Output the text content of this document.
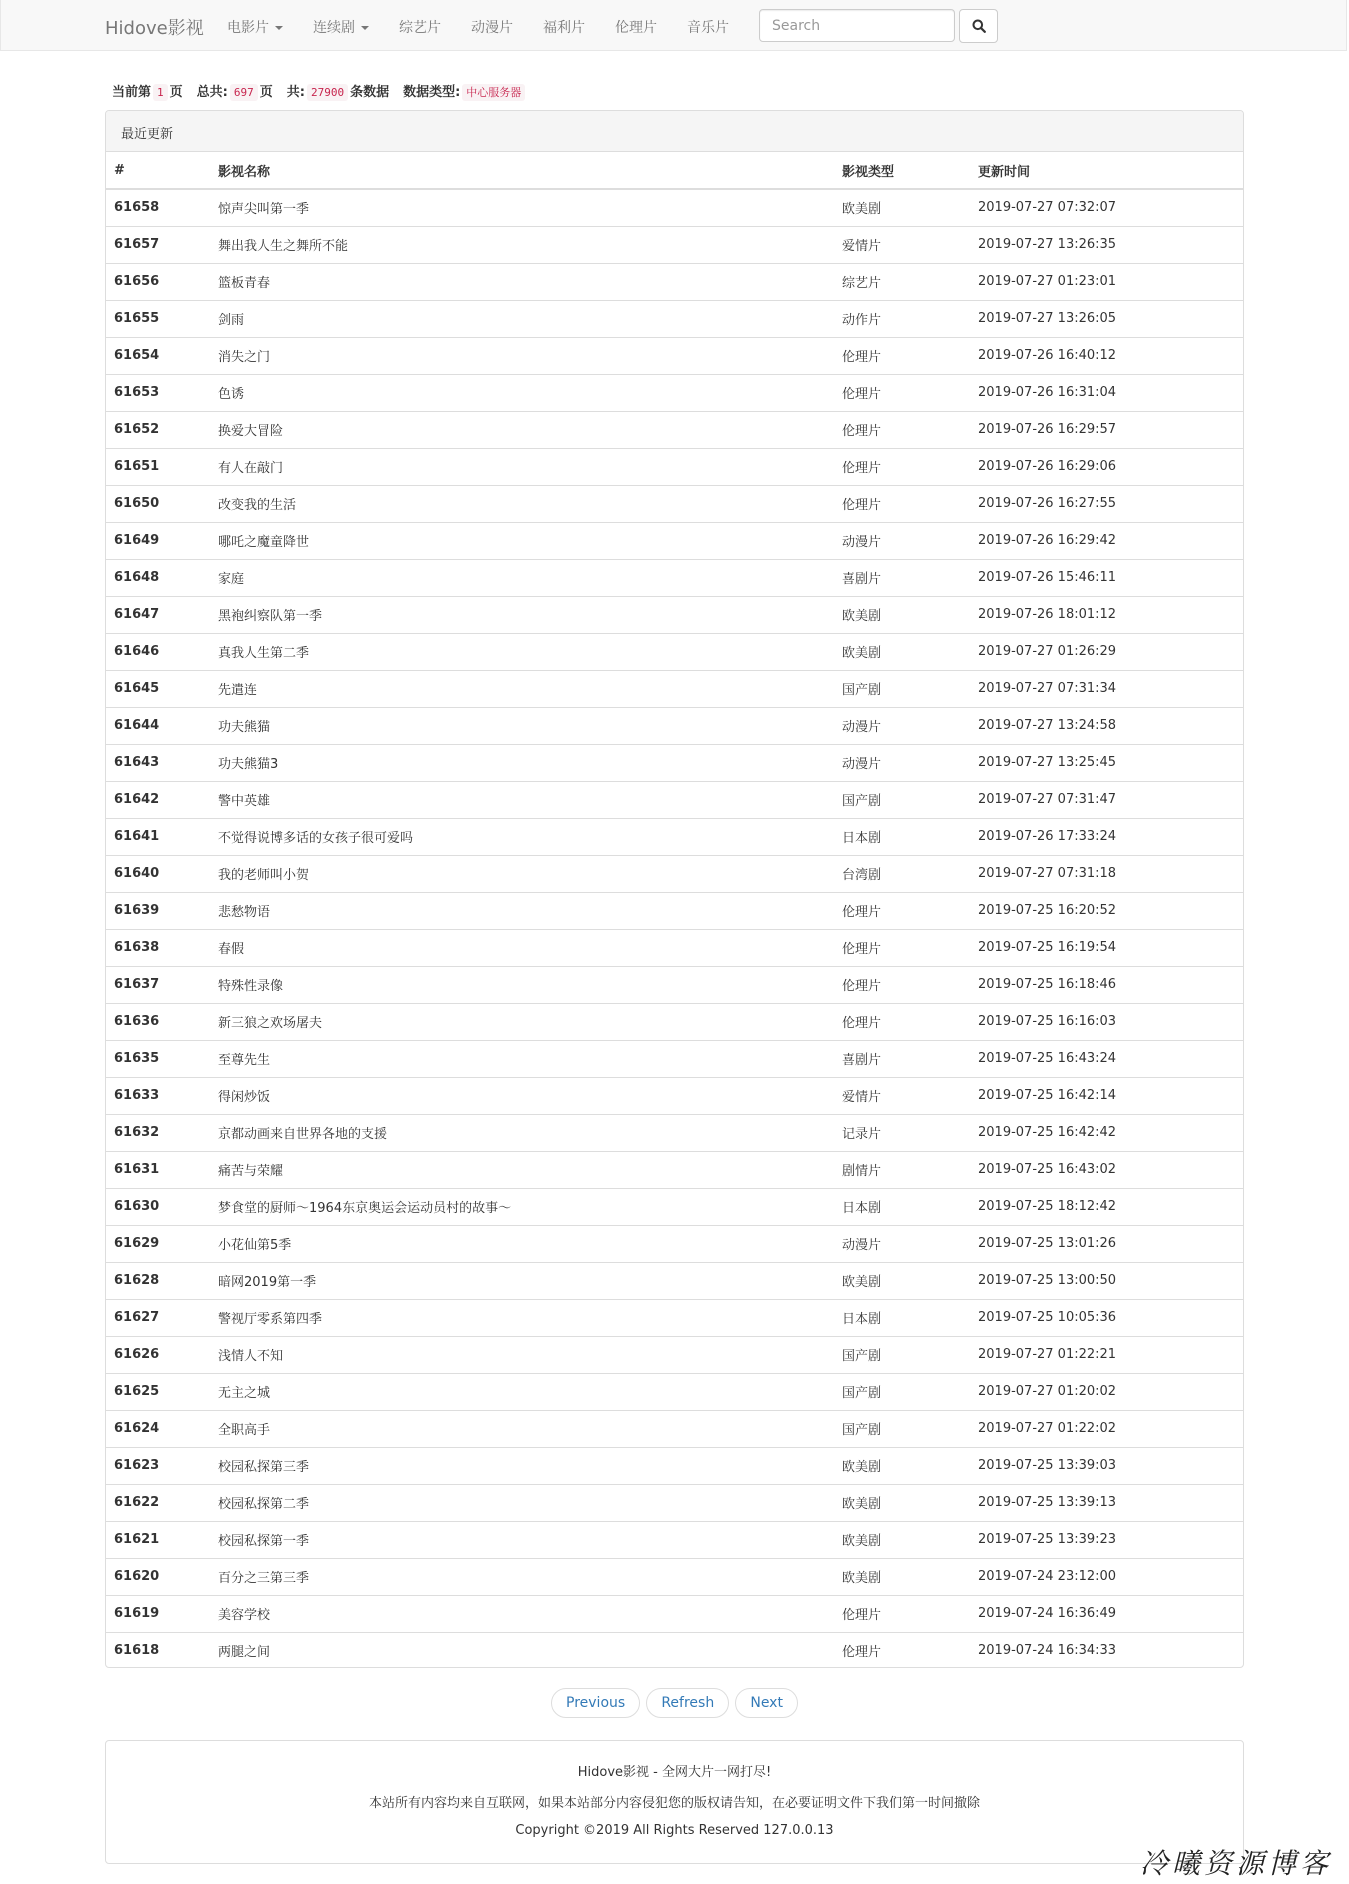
Hidove影视 电影片	连续剧	综艺片 动漫片 福利片 伦理片 音乐片
Search
当前第 1 页 总共: 697 页 共: 27900 条数据 数据类型: 中心服务器
最近更新
#	影视名称	影视类型	更新时间
61658	惊声尖叫第一季	欧美剧	2019-07-27 07:32:07
61657	舞出我人生之舞所不能	爱情片	2019-07-27 13:26:35
61656	篮板青春	综艺片	2019-07-27 01:23:01
61655	剑雨	动作片	2019-07-27 13:26:05
61654	消失之门	伦理片	2019-07-26 16:40:12
61653	色诱	伦理片	2019-07-26 16:31:04
61652	换爱大冒险	伦理片	2019-07-26 16:29:57
61651	有人在敲门	伦理片	2019-07-26 16:29:06
61650	改变我的生活	伦理片	2019-07-26 16:27:55
61649	哪吒之魔童降世	动漫片	2019-07-26 16:29:42
61648	家庭	喜剧片	2019-07-26 15:46:11
61647	黑袍纠察队第一季	欧美剧	2019-07-26 18:01:12
61646	真我人生第二季	欧美剧	2019-07-27 01:26:29
61645	先遣连	国产剧	2019-07-27 07:31:34
61644	功夫熊猫	动漫片	2019-07-27 13:24:58
61643	功夫熊猫3	动漫片	2019-07-27 13:25:45
61642	警中英雄	国产剧	2019-07-27 07:31:47
61641	不觉得说博多话的女孩子很可爱吗	日本剧	2019-07-26 17:33:24
61640	我的老师叫小贺	台湾剧	2019-07-27 07:31:18
61639	悲愁物语	伦理片	2019-07-25 16:20:52
61638	春假	伦理片	2019-07-25 16:19:54
61637	特殊性录像	伦理片	2019-07-25 16:18:46
61636	新三狼之欢场屠夫	伦理片	2019-07-25 16:16:03
61635	至尊先生	喜剧片	2019-07-25 16:43:24
61633	得闲炒饭	爱情片	2019-07-25 16:42:14
61632	京都动画来自世界各地的支援	记录片	2019-07-25 16:42:42
61631	痛苦与荣耀	剧情片	2019-07-25 16:43:02
61630	梦食堂的厨师～1964东京奥运会运动员村的故事～	日本剧	2019-07-25 18:12:42
61629	小花仙第5季	动漫片	2019-07-25 13:01:26
61628	暗网2019第一季	欧美剧	2019-07-25 13:00:50
61627	警视厅零系第四季	日本剧	2019-07-25 10:05:36
61626	浅情人不知	国产剧	2019-07-27 01:22:21
61625	无主之城	国产剧	2019-07-27 01:20:02
61624	全职高手	国产剧	2019-07-27 01:22:02
61623	校园私探第三季	欧美剧	2019-07-25 13:39:03
61622	校园私探第二季	欧美剧	2019-07-25 13:39:13
61621	校园私探第一季	欧美剧	2019-07-25 13:39:23
61620	百分之三第三季	欧美剧	2019-07-24 23:12:00
61619	美容学校	伦理片	2019-07-24 16:36:49
61618	两腿之间	伦理片	2019-07-24 16:34:33
Previous	Refresh	Next

Hidove影视 - 全网大片一网打尽!

本站所有内容均来自互联网，如果本站部分内容侵犯您的版权请告知，在必要证明文件下我们第一时间撤除

Copyright ©2019 All Rights Reserved 127.0.0.13

冷曦资源博客
